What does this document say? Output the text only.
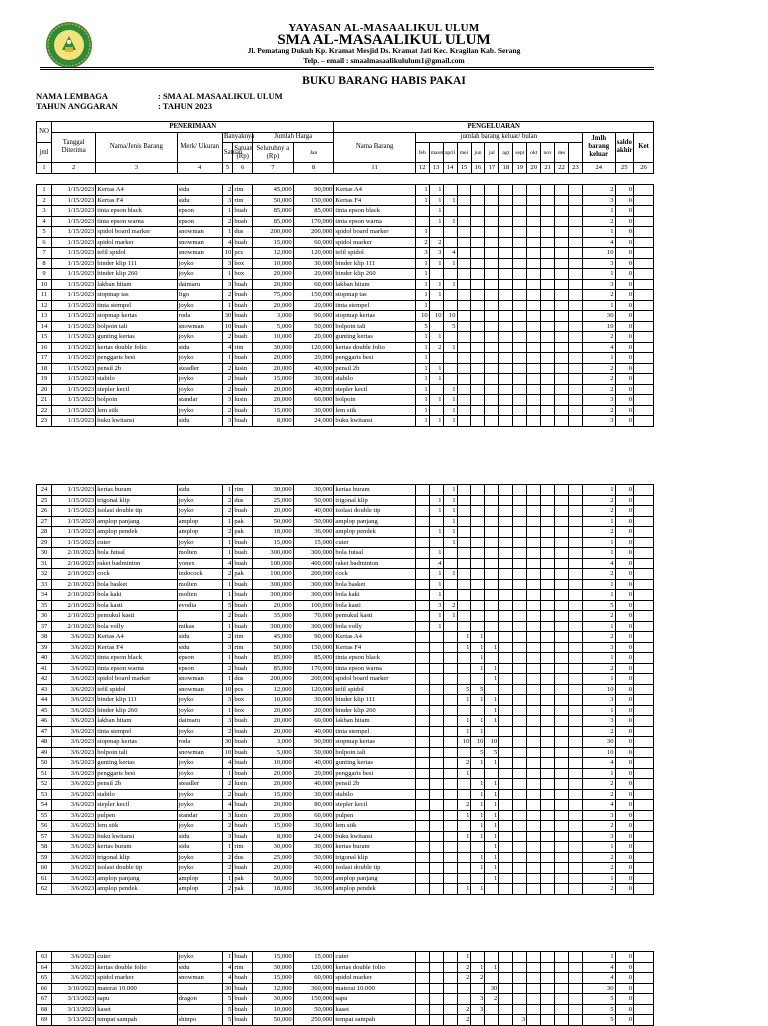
YAYASAN AL-MASAALIKUL ULUM
SMA AL-MASAALIKUL ULUM
Jl. Pematang Dukuh Kp. Kramat Mesjid Ds. Kramat Jati Kec. Kragilan Kab. Serang
Telp. – email : smaalmasaalikululum1@gmail.com
BUKU BARANG HABIS PAKAI
NAMA LEMBAGA	: SMA AL MASAALIKUL ULUM
TAHUN ANGGARAN	: TAHUN 2023
NO	PENERIMAAN							PENGELUARAN															
	Tanggal Diterima	Nama/Jenis Barang	Merk/ Ukuran	Banyaknya		Jumlah Harga		Nama Barang	jumlah barang keluar/ bulan												Jmlh barang keluar	saldo akhir	Ket
jml				Satuan	Satuan (Rp)	Seluruhny a (Rp)	Jan		feb	maret	april	mei	jun	jul	agt	sept	okt	nov	des				
1	2	3	4	5	6	7	8	11	12	13	14	15	16	17	18	19	20	21	22	23	24	25	26
1	1/15/2023	Kertas A4	sidu	2	rim	45,000	90,000	Kertas A4	1	1											2	0	
2	1/15/2023	Kertas F4	sidu	3	rim	50,000	150,000	Kertas F4	1	1	1										3	0	
3	1/15/2023	tinta epson black	epson	1	buah	85,000	85,000	tinta epson black		1											1	0	
4	1/15/2023	tinta epson warna	epson	2	buah	85,000	170,000	tinta epson warna		1	1										2	0	
5	1/15/2023	spidol board marker	snowman	1	dus	200,000	200,000	spidol board marker	1												1	0	
6	1/15/2023	spidol marker	snowman	4	buah	15,000	60,000	spidol marker	2	2											4	0	
7	1/15/2023	tefil spidol	snowman	10	pcs	12,000	120,000	tefil spidol	3	3	4										10	0	
8	1/15/2023	binder klip 111	joyko	3	box	10,000	30,000	binder klip 111	1	1	1										3	0	
9	1/15/2023	binder klip 260	joyko	1	box	20,000	20,000	binder klip 260	1												1	0	
10	1/15/2023	lakban hitam	daimaru	3	buah	20,000	60,000	lakban hitam	1	1	1										3	0	
11	1/15/2023	stopmap tas	figo	2	buah	75,000	150,000	stopmap tas	1	1											2	0	
12	1/15/2023	tinta stempel	joyko	1	buah	20,000	20,000	tinta stempel	1												1	0	
13	1/15/2023	stopmap kertas	roda	30	buah	3,000	90,000	stopmap kertas	10	10	10										30	0	
14	1/15/2023	bolpoin tali	snowman	10	buah	5,000	50,000	bolpoin tali	5		5										10	0	
15	1/15/2023	gunting kertas	joyko	2	buah	10,000	20,000	gunting kertas	1	1											2	0	
16	1/15/2023	kertas double folio	sidu	4	rim	30,000	120,000	kertas double folio	1	2	1										4	0	
17	1/15/2023	penggaris besi	joyko	1	buah	20,000	20,000	penggaris besi	1												1	0	
18	1/15/2023	pensil 2b	steadler	2	lusin	20,000	40,000	pensil 2b	1	1											2	0	
19	1/15/2023	stabilo	joyko	2	buah	15,000	30,000	stabilo	1	1											2	0	
20	1/15/2023	stepler kecil	joyko	2	buah	20,000	40,000	stepler kecil	1		1										2	0	
21	1/15/2023	bolpoin	standar	3	lusin	20,000	60,000	bolpoin	1	1	1										3	0	
22	1/15/2023	lem stik	joyko	2	buah	15,000	30,000	lem stik	1		1										2	0	
23	1/15/2023	buku kwitansi	sidu	3	buah	8,000	24,000	buku kwitansi	1	1	1										3	0	
24	1/15/2023	kertas buram	sidu	1	rim	30,000	30,000	kertas buram			1										1	0	
25	1/15/2023	trigonal klip	joyko	2	dus	25,000	50,000	trigonal klip		1	1										2	0	
26	1/15/2023	isolasi double tip	joyko	2	buah	20,000	40,000	isolasi double tip		1	1										2	0	
27	1/15/2023	amplop panjang	amplop	1	pak	50,000	50,000	amplop panjang			1										1	0	
28	1/15/2023	amplop pendek	amplop	2	pak	18,000	36,000	amplop pendek		1	1										2	0	
29	1/15/2023	cuter	joyko	1	buah	15,000	15,000	cuter			1										1	0	
30	2/10/2023	bola futsal	molten	1	buah	300,000	300,000	bola futsal		1											1	0	
31	2/10/2023	raket badminton	yonex	4	buah	100,000	400,000	raket badminton		4											4	0	
32	2/10/2023	cock	indocock	2	pak	100,000	200,000	cock		1	1										2	0	
33	2/10/2023	bola basket	molten	1	buah	300,000	300,000	bola basket		1											1	0	
34	2/10/2023	bola kaki	molten	1	buah	300,000	300,000	bola kaki		1											1	0	
35	2/10/2023	bola kasti	evodia	5	buah	20,000	100,000	bola kasti		3	2										5	0	
36	2/10/2023	pemukul kasti		2	buah	35,000	70,000	pemukul kasti		1	1										2	0	
37	2/10/2023	bola volly	mikas	1	buah	300,000	300,000	bola volly		1											1	0	
38	3/6/2023	Kertas A4	sidu	2	rim	45,000	90,000	Kertas A4				1	1								2	0	
39	3/6/2023	Kertas F4	sidu	3	rim	50,000	150,000	Kertas F4				1	1	1							3	0	
40	3/6/2023	tinta epson black	epson	1	buah	85,000	85,000	tinta epson black					1								1	0	
41	3/6/2023	tinta epson warna	epson	2	buah	85,000	170,000	tinta epson warna					1	1							2	0	
42	3/6/2023	spidol board marker	snowman	1	dus	200,000	200,000	spidol board marker						1							1	0	
43	3/6/2023	tefil spidol	snowman	10	pcs	12,000	120,000	tefil spidol				5	5								10	0	
44	3/6/2023	binder klip 111	joyko	3	box	10,000	30,000	binder klip 111				1	1	1							3	0	
45	3/6/2023	binder klip 260	joyko	1	box	20,000	20,000	binder klip 260						1							1	0	
46	3/6/2023	lakban hitam	daimaru	3	buah	20,000	60,000	lakban hitam				1	1	1							3	0	
47	3/6/2023	tinta stempel	joyko	2	buah	20,000	40,000	tinta stempel				1	1								2	0	
48	3/6/2023	stopmap kertas	roda	30	buah	3,000	90,000	stopmap kertas				10	10	10							30	0	
49	3/6/2023	bolpoin tali	snowman	10	buah	5,000	50,000	bolpoin tali					5	5							10	0	
50	3/6/2023	gunting kertas	joyko	4	buah	10,000	40,000	gunting kertas				2	1	1							4	0	
51	3/6/2023	penggaris besi	joyko	1	buah	20,000	20,000	penggaris besi				1									1	0	
52	3/6/2023	pensil 2b	steadler	2	lusin	20,000	40,000	pensil 2b					1	1							2	0	
53	3/6/2023	stabilo	joyko	2	buah	15,000	30,000	stabilo					1	1							2	0	
54	3/6/2023	stepler kecil	joyko	4	buah	20,000	80,000	stepler kecil				2	1	1							4	0	
55	3/6/2023	pulpen	standar	3	lusin	20,000	60,000	pulpen				1	1	1							3	0	
56	3/6/2023	lem stik	joyko	2	buah	15,000	30,000	lem stik					1	1							2	0	
57	3/6/2023	buku kwitansi	sidu	3	buah	8,000	24,000	buku kwitansi				1	1	1							3	0	
58	3/6/2023	kertas buram	sidu	1	rim	30,000	30,000	kertas buram						1							1	0	
59	3/6/2023	trigonal klip	joyko	2	dus	25,000	50,000	trigonal klip					1	1							2	0	
60	3/6/2023	isolasi double tip	joyko	2	buah	20,000	40,000	isolasi double tip					1	1							2	0	
61	3/6/2023	amplop panjang	amplop	1	pak	50,000	50,000	amplop panjang						1							1	0	
62	3/6/2023	amplop pendek	amplop	2	pak	18,000	36,000	amplop pendek				1	1								2	0	
63	3/6/2023	cuter	joyko	1	buah	15,000	15,000	cuter				1									1	0	
64	3/6/2023	kertas double folio	sidu	4	rim	30,000	120,000	kertas double folio				2	1	1							4	0	
65	3/6/2023	spidol marker	snowman	4	buah	15,000	60,000	spidol marker				2	2								4	0	
66	3/10/2023	materai 10.000		30	buah	12,000	360,000	materai 10.000						30							30	0	
67	3/13/2023	sapu	dragon	5	buah	30,000	150,000	sapu					3	2							5	0	
68	3/13/2023	kaset		5	buah	10,000	50,000	kaset				2	3								5	0	
69	3/13/2023	tempat sampah	shinpo	5	buah	50,000	250,000	tempat sampah				2				3					5	0	
